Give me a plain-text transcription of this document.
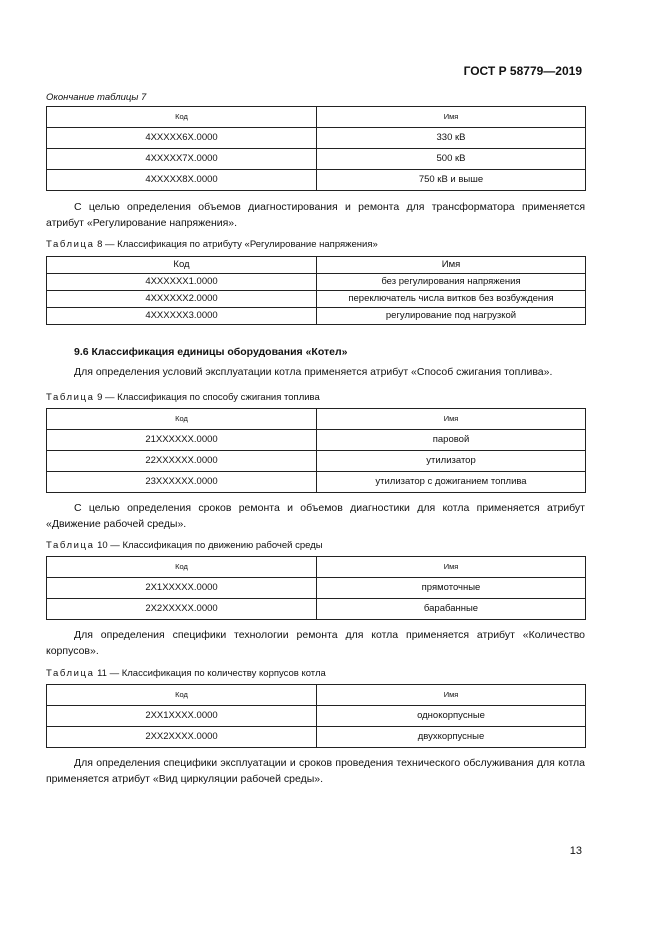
ГОСТ Р 58779—2019
Окончание таблицы 7
Код	Имя
4XXXXX6X.0000	330 кВ
4XXXXX7X.0000	500 кВ
4XXXXX8X.0000	750 кВ и выше

С целью определения объемов диагностирования и ремонта для трансформатора применяется атрибут «Регулирование напряжения».

Таблица 8 — Классификация по атрибуту «Регулирование напряжения»
Код	Имя
4XXXXXX1.0000	без регулирования напряжения
4XXXXXX2.0000	переключатель числа витков без возбуждения
4XXXXXX3.0000	регулирование под нагрузкой
9.6 Классификация единицы оборудования «Котел»

Для определения условий эксплуатации котла применяется атрибут «Способ сжигания топлива».

Таблица 9 — Классификация по способу сжигания топлива
Код	Имя
21XXXXXX.0000	паровой
22XXXXXX.0000	утилизатор
23XXXXXX.0000	утилизатор с дожиганием топлива

С целью определения сроков ремонта и объемов диагностики для котла применяется атрибут «Движение рабочей среды».

Таблица 10 — Классификация по движению рабочей среды
Код	Имя
2X1XXXXX.0000	прямоточные
2X2XXXXX.0000	барабанные

Для определения специфики технологии ремонта для котла применяется атрибут «Количество корпусов».

Таблица 11 — Классификация по количеству корпусов котла
Код	Имя
2XX1XXXX.0000	однокорпусные
2XX2XXXX.0000	двухкорпусные

Для определения специфики эксплуатации и сроков проведения технического обслуживания для котла применяется атрибут «Вид циркуляции рабочей среды».

13
